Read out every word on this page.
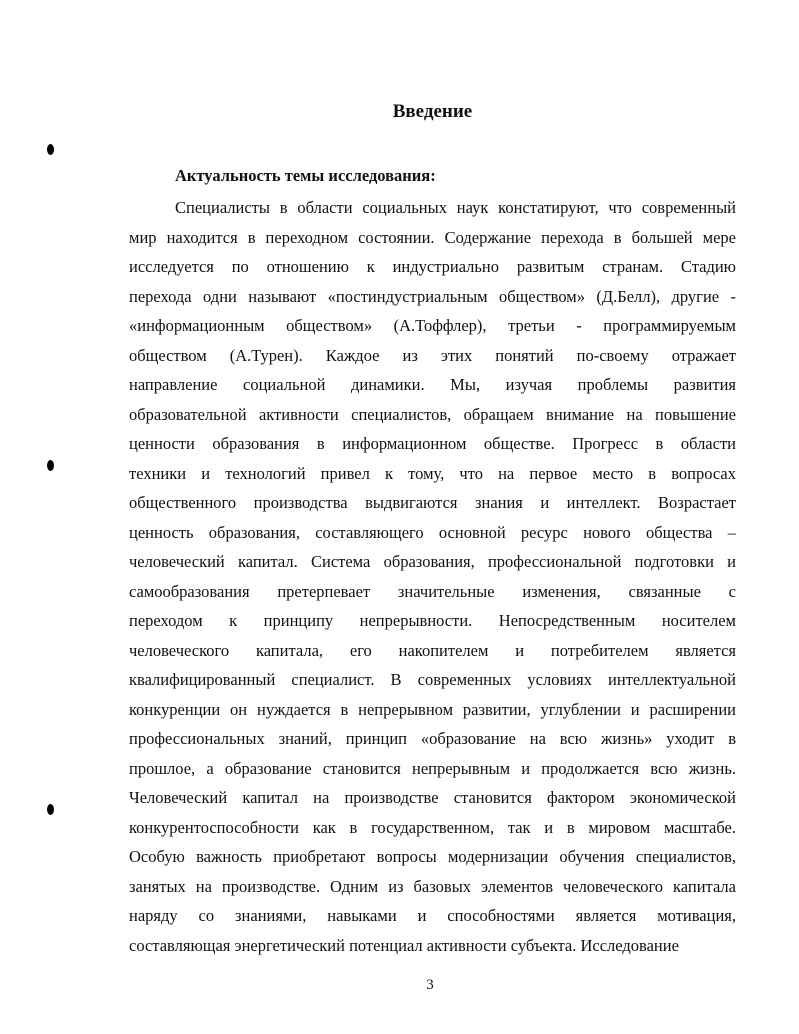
Введение
Актуальность темы исследования:
Специалисты в области социальных наук констатируют, что современный
мир находится в переходном состоянии. Содержание перехода в большей мере
исследуется по отношению к индустриально развитым странам. Стадию
перехода одни называют «постиндустриальным обществом» (Д.Белл), другие -
«информационным обществом» (А.Тоффлер), третьи - программируемым
обществом (А.Турен). Каждое из этих понятий по-своему отражает
направление социальной динамики. Мы, изучая проблемы развития
образовательной активности специалистов, обращаем внимание на повышение
ценности образования в информационном обществе. Прогресс в области
техники и технологий привел к тому, что на первое место в вопросах
общественного производства выдвигаются знания и интеллект. Возрастает
ценность образования, составляющего основной ресурс нового общества –
человеческий капитал. Система образования, профессиональной подготовки и
самообразования претерпевает значительные изменения, связанные с
переходом к принципу непрерывности. Непосредственным носителем
человеческого капитала, его накопителем и потребителем является
квалифицированный специалист. В современных условиях интеллектуальной
конкуренции он нуждается в непрерывном развитии, углублении и расширении
профессиональных знаний, принцип «образование на всю жизнь» уходит в
прошлое, а образование становится непрерывным и продолжается всю жизнь.
Человеческий капитал на производстве становится фактором экономической
конкурентоспособности как в государственном, так и в мировом масштабе.
Особую важность приобретают вопросы модернизации обучения специалистов,
занятых на производстве. Одним из базовых элементов человеческого капитала
наряду со знаниями, навыками и способностями является мотивация,
составляющая энергетический потенциал активности субъекта. Исследование
3
